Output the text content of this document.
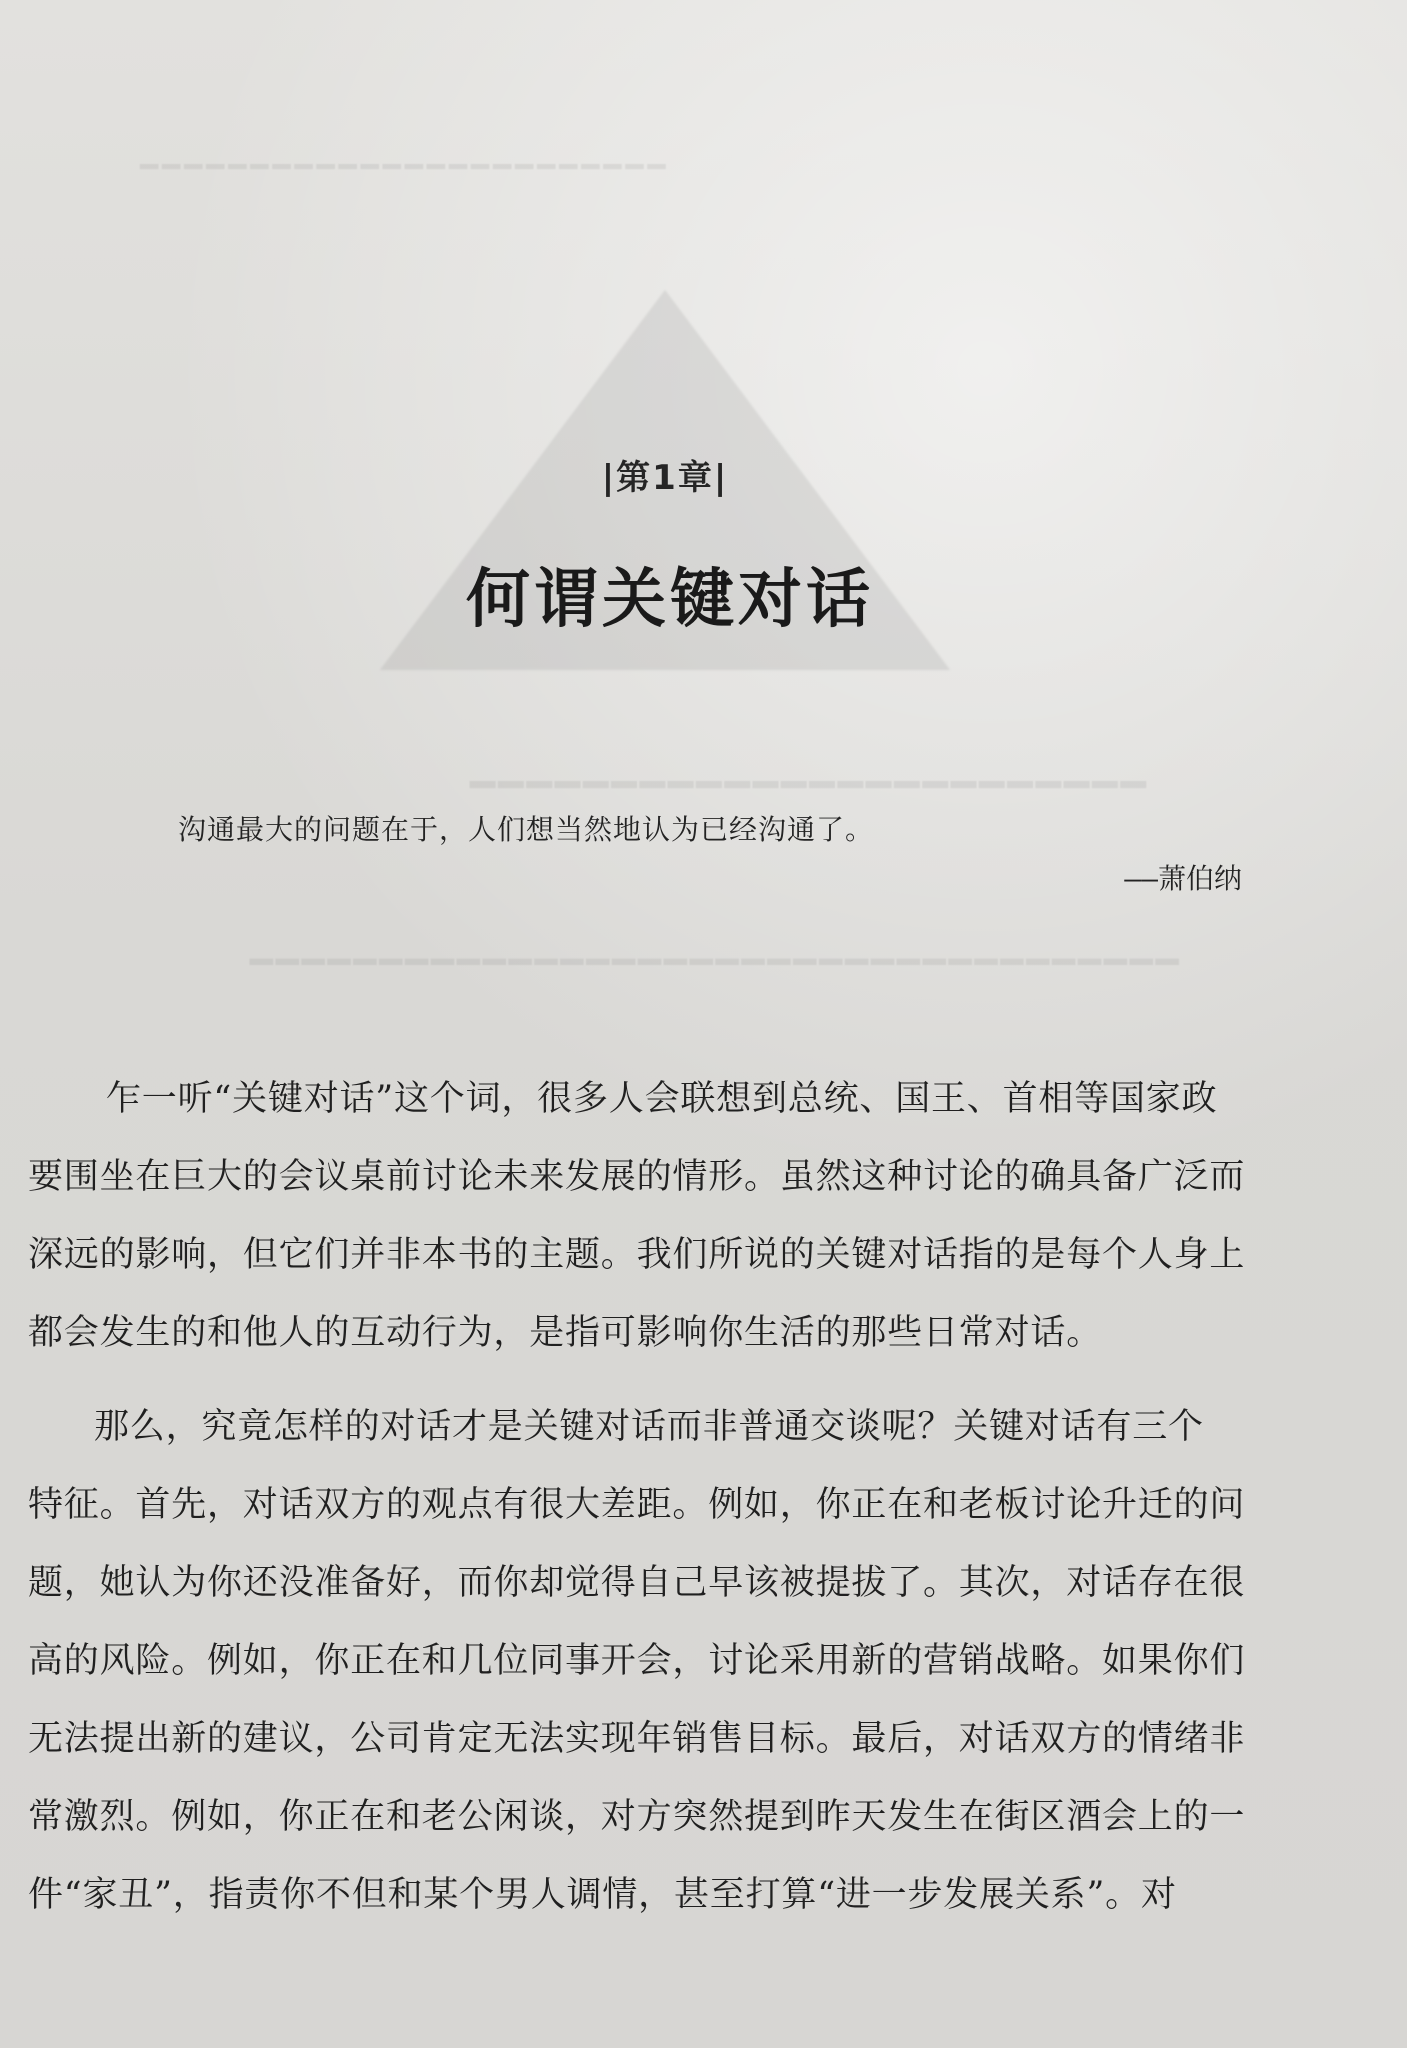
━━━━━━━━━━━━━━━━━━━━━━━━
━━━━━━━━━━━━━━━━━━━━━━━━
━━━━━━━━━━━━━━━━━━━━━━━━━━━━━━━━━━━━
|第1章|
何谓关键对话
沟通最大的问题在于，人们想当然地认为已经沟通了。
——萧伯纳
乍一听“关键对话”这个词，很多人会联想到总统、国王、首相等国家政
要围坐在巨大的会议桌前讨论未来发展的情形。虽然这种讨论的确具备广泛而
深远的影响，但它们并非本书的主题。我们所说的关键对话指的是每个人身上
都会发生的和他人的互动行为，是指可影响你生活的那些日常对话。
那么，究竟怎样的对话才是关键对话而非普通交谈呢？关键对话有三个
特征。首先，对话双方的观点有很大差距。例如，你正在和老板讨论升迁的问
题，她认为你还没准备好，而你却觉得自己早该被提拔了。其次，对话存在很
高的风险。例如，你正在和几位同事开会，讨论采用新的营销战略。如果你们
无法提出新的建议，公司肯定无法实现年销售目标。最后，对话双方的情绪非
常激烈。例如，你正在和老公闲谈，对方突然提到昨天发生在街区酒会上的一
件“家丑”，指责你不但和某个男人调情，甚至打算“进一步发展关系”。对
